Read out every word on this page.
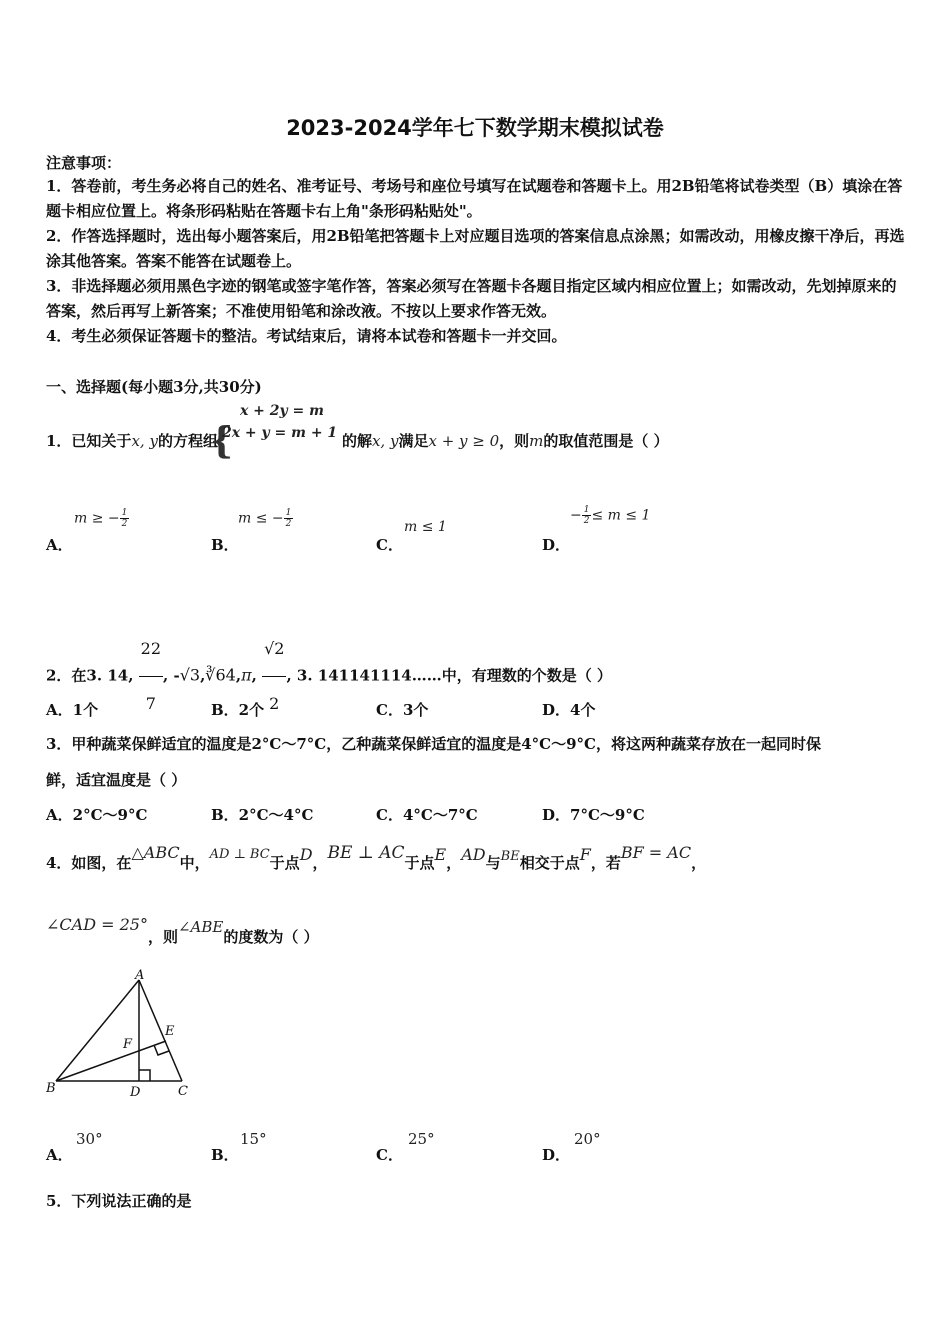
2023-2024学年七下数学期末模拟试卷
注意事项：
1．答卷前，考生务必将自己的姓名、准考证号、考场号和座位号填写在试题卷和答题卡上。用2B铅笔将试卷类型（B）填涂在答题卡相应位置上。将条形码粘贴在答题卡右上角"条形码粘贴处"。
2．作答选择题时，选出每小题答案后，用2B铅笔把答题卡上对应题目选项的答案信息点涂黑；如需改动，用橡皮擦干净后，再选涂其他答案。答案不能答在试题卷上。
3．非选择题必须用黑色字迹的钢笔或签字笔作答，答案必须写在答题卡各题目指定区域内相应位置上；如需改动，先划掉原来的答案，然后再写上新答案；不准使用铅笔和涂改液。不按以上要求作答无效。
4．考生必须保证答题卡的整洁。考试结束后，请将本试卷和答题卡一并交回。
一、选择题(每小题3分,共30分)
1．已知关于x, y的方程组
{
x + 2y = m
2x + y = m + 1 的解x, y满足x + y ≥ 0，则m的取值范围是（ ）
A．
m ≥ − $\frac{1}{2}$
B．
m ≤ − $\frac{1}{2}$
C．
m ≤ 1
D．
− $\frac{1}{2} \le m \le 1$
2．在3. 14, $\frac{22}{7}$ , -√3,∛64,π, $\frac{√2}{2}$ , 3. 141141114……中，有理数的个数是（ ）
A．1个	B．2个	C．3个	D．4个
3．甲种蔬菜保鲜适宜的温度是2°C～7°C，乙种蔬菜保鲜适宜的温度是4°C～9°C，将这两种蔬菜存放在一起同时保
鲜，适宜温度是（ ）
A．2°C～9°C	B．2°C～4°C	C．4°C～7°C	D．7°C～9°C
4．如图，在△ABC中，AD ⊥ BC于点D，BE ⊥ AC于点E，AD与BE相交于点F，若BF = AC，
∠CAD = 25°，则∠ABE的度数为（ ）
A
B	C
D
E
F
A．
30°
B．
15°
C．
25°
D．
20°
5．下列说法正确的是
